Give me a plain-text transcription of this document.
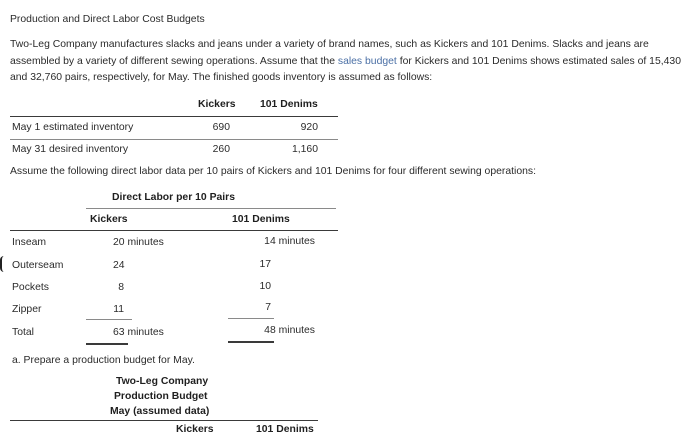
Production and Direct Labor Cost Budgets
Two-Leg Company manufactures slacks and jeans under a variety of brand names, such as Kickers and 101 Denims. Slacks and jeans are assembled by a variety of different sewing operations. Assume that the sales budget for Kickers and 101 Denims shows estimated sales of 15,430 and 32,760 pairs, respectively, for May. The finished goods inventory is assumed as follows:
Kickers 101 Denims
May 1 estimated inventory	690	920
May 31 desired inventory	260	1,160
Assume the following direct labor data per 10 pairs of Kickers and 101 Denims for four different sewing operations:
Direct Labor per 10 Pairs
Kickers	101 Denims
Inseam	20 minutes	14 minutes
Outerseam	24	17
Pockets	8	10
Zipper	11	7
Total	63 minutes	48 minutes
a. Prepare a production budget for May.
Two-Leg Company
Production Budget
May (assumed data)
Kickers	101 Denims
